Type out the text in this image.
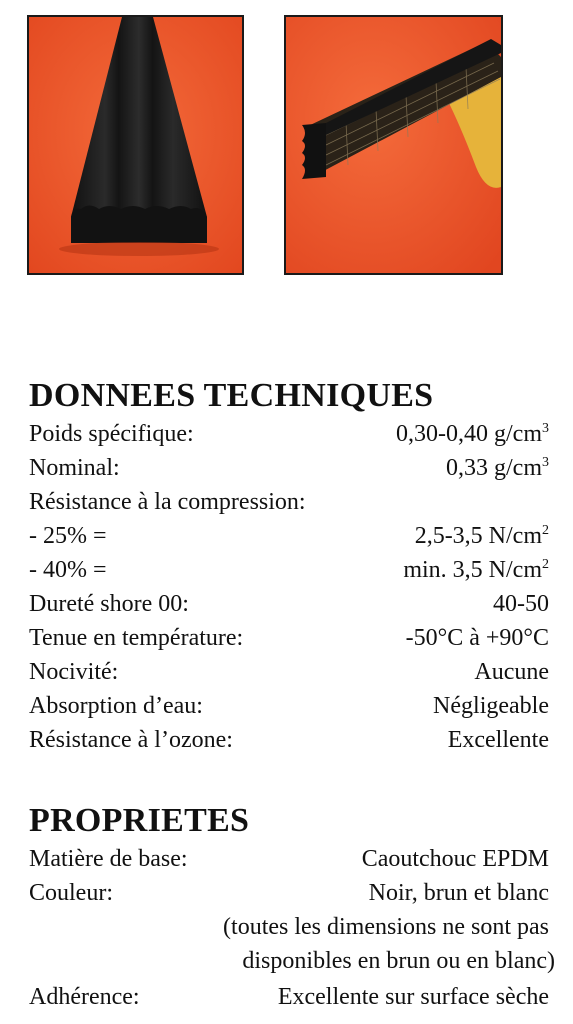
DONNEES TECHNIQUES
Poids spécifique:	0,30-0,40 $g/cm^3$
Nominal:	0,33 $g/cm^3$
Résistance à la compression:
- 25% =	2,5-3,5 $N/cm^2$
- 40% =	min. 3,5 $N/cm^2$
Dureté shore 00:	40-50
Tenue en température:	-50°C à +90°C
Nocivité:	Aucune
Absorption d’eau:	Négligeable
Résistance à l’ozone:	Excellente
PROPRIETES
Matière de base:	Caoutchouc EPDM
Couleur:	Noir, brun et blanc
(toutes les dimensions ne sont pas
disponibles en brun ou en blanc)
Adhérence:	Excellente sur surface sèche
